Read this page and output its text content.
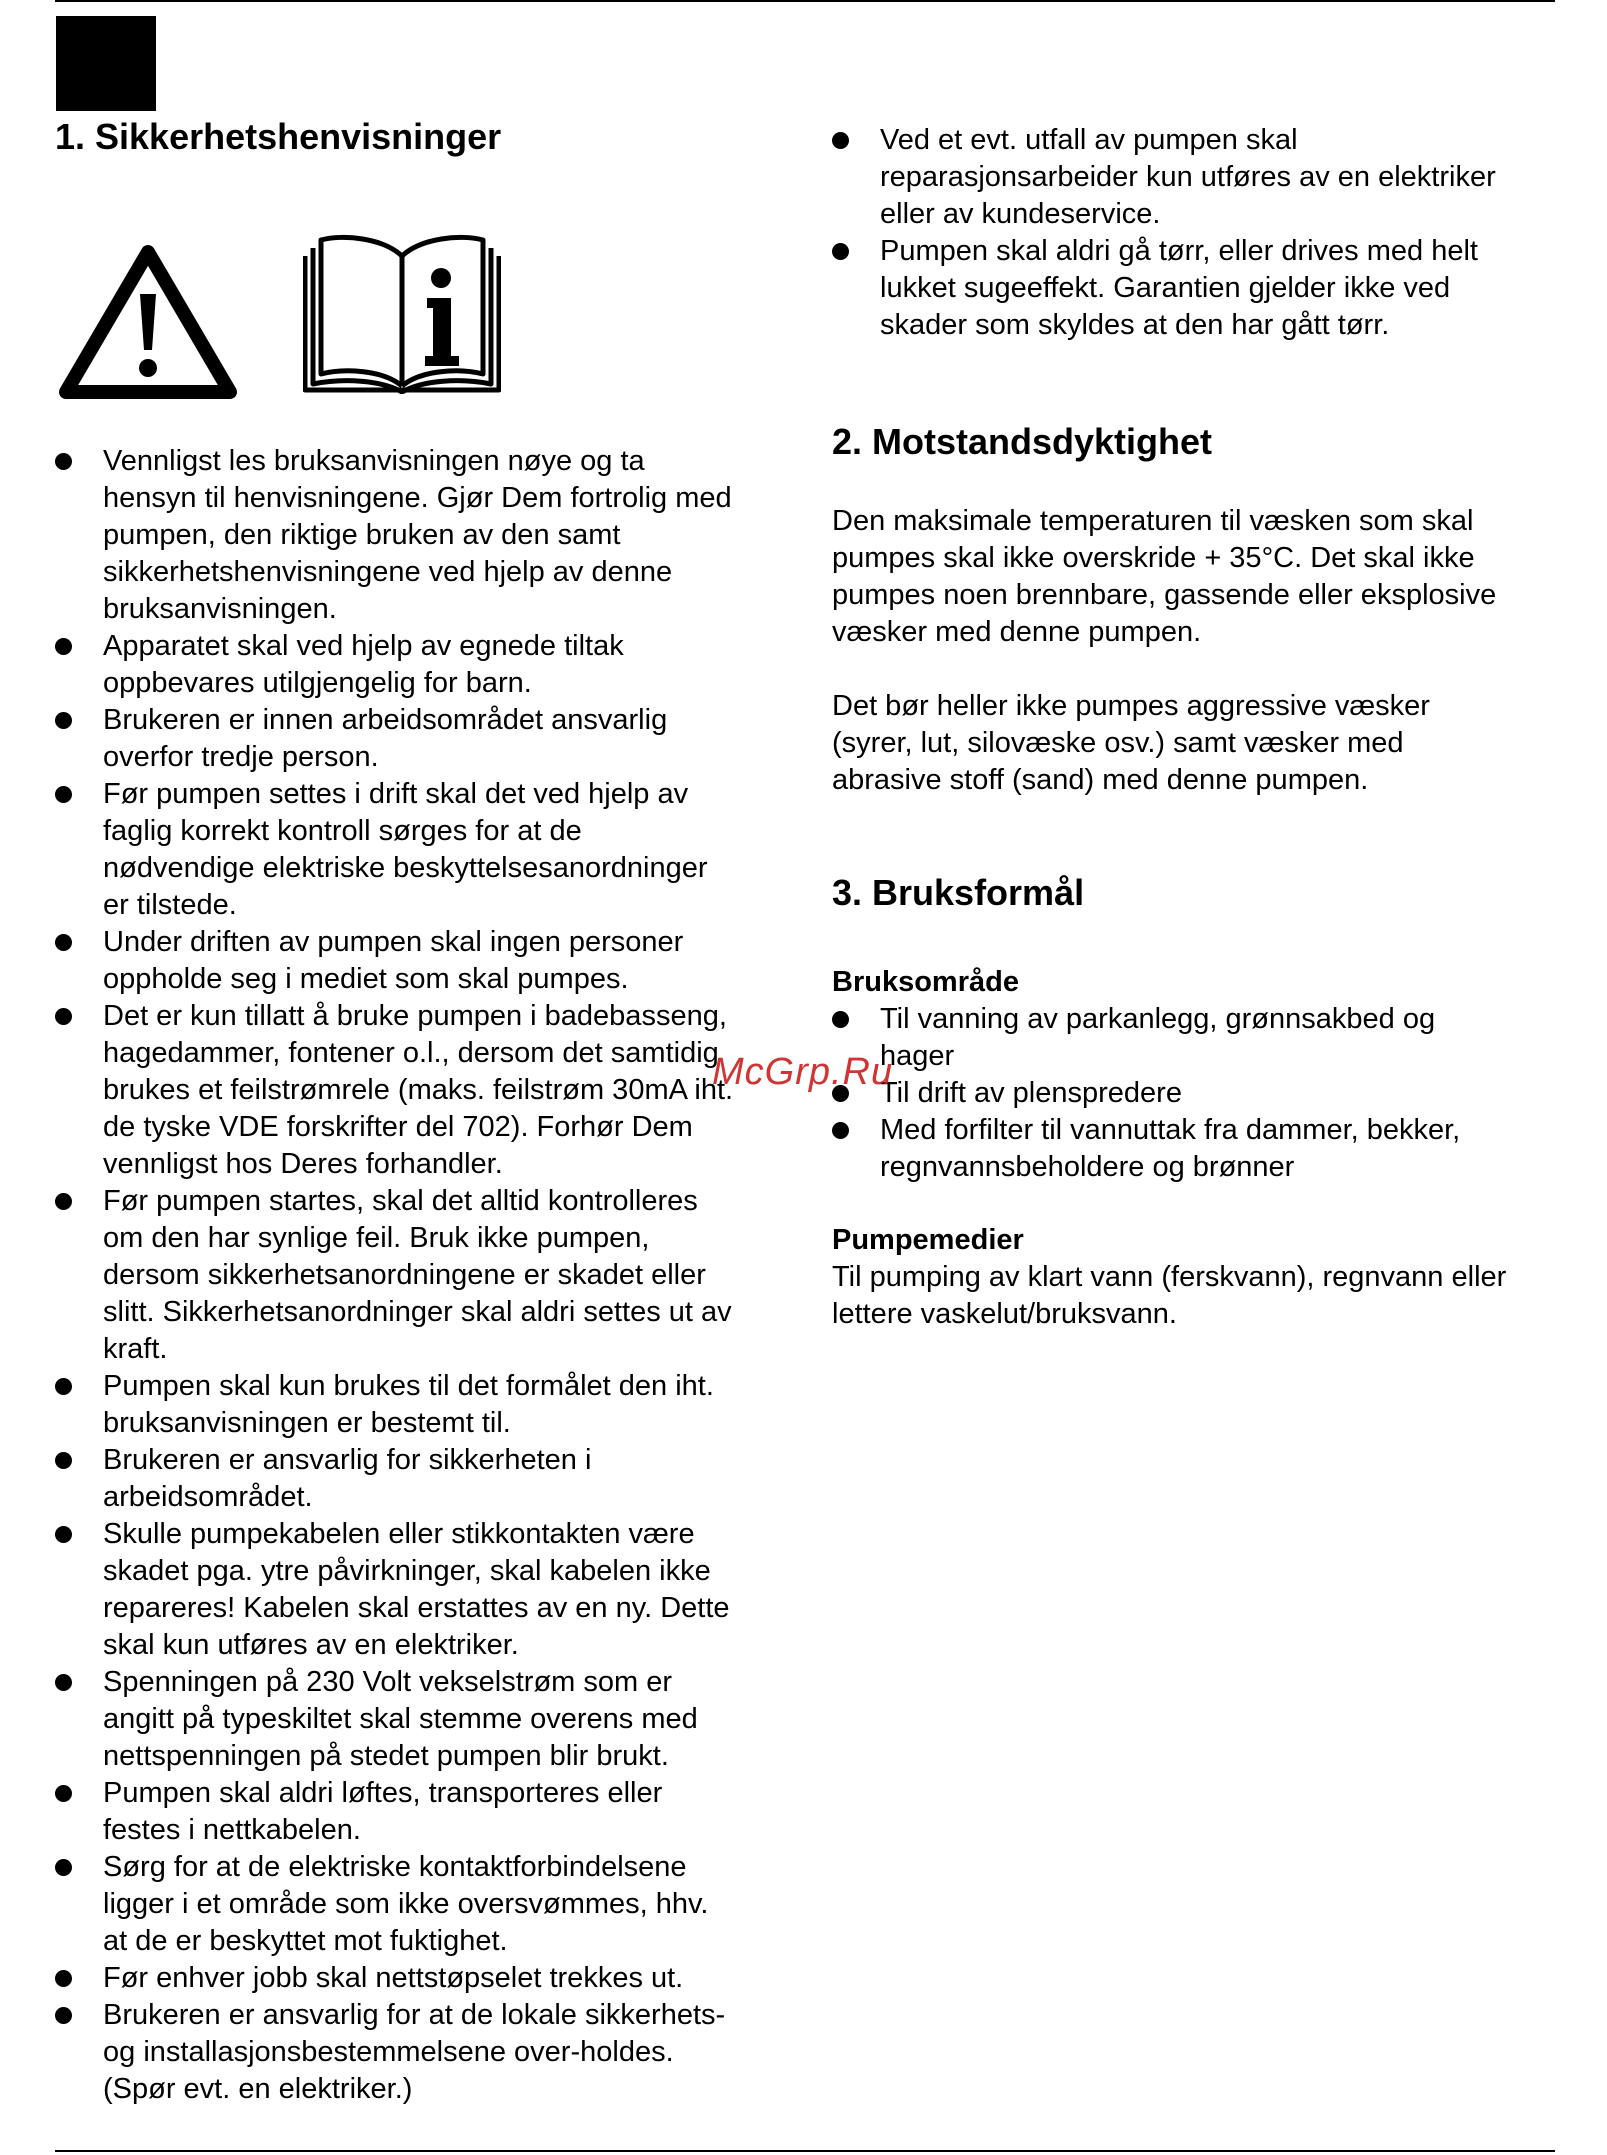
1. Sikkerhetshenvisninger
Vennligst les bruksanvisningen nøye og ta
hensyn til henvisningene. Gjør Dem fortrolig med
pumpen, den riktige bruken av den samt
sikkerhetshenvisningene ved hjelp av denne
bruksanvisningen.
Apparatet skal ved hjelp av egnede tiltak
oppbevares utilgjengelig for barn.
Brukeren er innen arbeidsområdet ansvarlig
overfor tredje person.
Før pumpen settes i drift skal det ved hjelp av
faglig korrekt kontroll sørges for at de
nødvendige elektriske beskyttelsesanordninger
er tilstede.
Under driften av pumpen skal ingen personer
oppholde seg i mediet som skal pumpes.
Det er kun tillatt å bruke pumpen i badebasseng,
hagedammer, fontener o.l., dersom det samtidig
brukes et feilstrømrele (maks. feilstrøm 30mA iht.
de tyske VDE forskrifter del 702). Forhør Dem
vennligst hos Deres forhandler.
Før pumpen startes, skal det alltid kontrolleres
om den har synlige feil. Bruk ikke pumpen,
dersom sikkerhetsanordningene er skadet eller
slitt. Sikkerhetsanordninger skal aldri settes ut av
kraft.
Pumpen skal kun brukes til det formålet den iht.
bruksanvisningen er bestemt til.
Brukeren er ansvarlig for sikkerheten i
arbeidsområdet.
Skulle pumpekabelen eller stikkontakten være
skadet pga. ytre påvirkninger, skal kabelen ikke
repareres! Kabelen skal erstattes av en ny. Dette
skal kun utføres av en elektriker.
Spenningen på 230 Volt vekselstrøm som er
angitt på typeskiltet skal stemme overens med
nettspenningen på stedet pumpen blir brukt.
Pumpen skal aldri løftes, transporteres eller
festes i nettkabelen.
Sørg for at de elektriske kontaktforbindelsene
ligger i et område som ikke oversvømmes, hhv.
at de er beskyttet mot fuktighet.
Før enhver jobb skal nettstøpselet trekkes ut.
Brukeren er ansvarlig for at de lokale sikkerhets-
og installasjonsbestemmelsene over-holdes.
(Spør evt. en elektriker.)
Ved et evt. utfall av pumpen skal
reparasjonsarbeider kun utføres av en elektriker
eller av kundeservice.
Pumpen skal aldri gå tørr, eller drives med helt
lukket sugeeffekt. Garantien gjelder ikke ved
skader som skyldes at den har gått tørr.
2. Motstandsdyktighet
Den maksimale temperaturen til væsken som skal
pumpes skal ikke overskride + 35°C. Det skal ikke
pumpes noen brennbare, gassende eller eksplosive
væsker med denne pumpen.
Det bør heller ikke pumpes aggressive væsker
(syrer, lut, silovæske osv.) samt væsker med
abrasive stoff (sand) med denne pumpen.
3. Bruksformål
Bruksområde
Til vanning av parkanlegg, grønnsakbed og
hager
Til drift av plenspredere
Med forfilter til vannuttak fra dammer, bekker,
regnvannsbeholdere og brønner
Pumpemedier
Til pumping av klart vann (ferskvann), regnvann eller
lettere vaskelut/bruksvann.
McGrp.Ru
